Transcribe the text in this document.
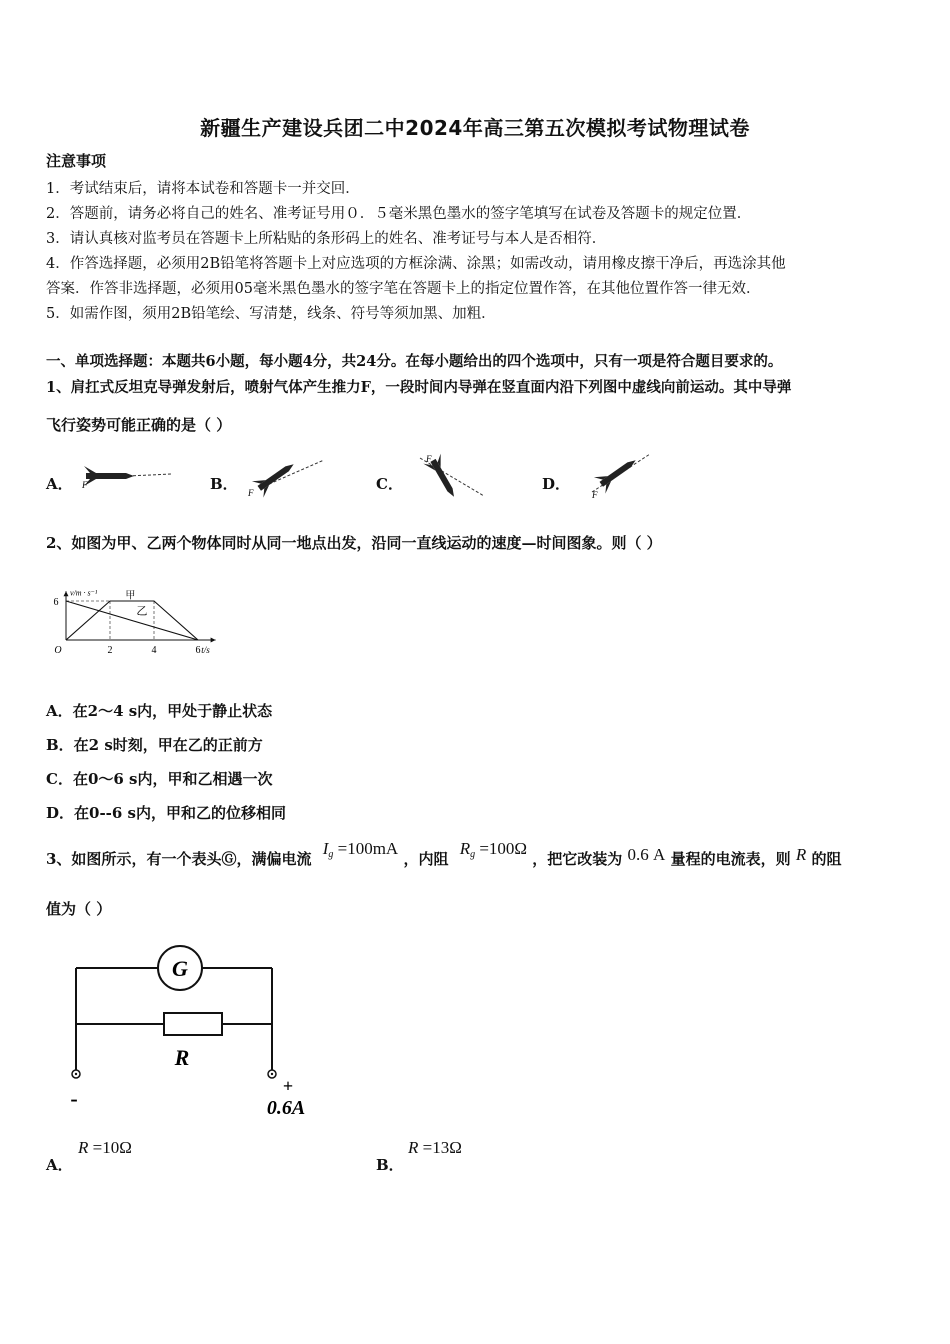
新疆生产建设兵团二中2024年高三第五次模拟考试物理试卷
注意事项
1．考试结束后，请将本试卷和答题卡一并交回．
2．答题前，请务必将自己的姓名、准考证号用０．５毫米黑色墨水的签字笔填写在试卷及答题卡的规定位置．
3．请认真核对监考员在答题卡上所粘贴的条形码上的姓名、准考证号与本人是否相符．
4．作答选择题，必须用2B铅笔将答题卡上对应选项的方框涂满、涂黑；如需改动，请用橡皮擦干净后，再选涂其他
答案．作答非选择题，必须用05毫米黑色墨水的签字笔在答题卡上的指定位置作答，在其他位置作答一律无效．
5．如需作图，须用2B铅笔绘、写清楚，线条、符号等须加黑、加粗．
一、单项选择题：本题共6小题，每小题4分，共24分。在每小题给出的四个选项中，只有一项是符合题目要求的。
1、肩扛式反坦克导弹发射后，喷射气体产生推力F，一段时间内导弹在竖直面内沿下列图中虚线向前运动。其中导弹
飞行姿势可能正确的是（ ）
A． F	B． F	C．
F
D．
F
2、如图为甲、乙两个物体同时从同一地点出发，沿同一直线运动的速度—时间图象。则（ ）
甲
乙
2	4	6
6
O
v/m · s⁻¹
t/s
A．在2～4 s内，甲处于静止状态
B．在2 s时刻，甲在乙的正前方
C．在0～6 s内，甲和乙相遇一次
D．在0--6 s内，甲和乙的位移相同
3、如图所示，有一个表头Ⓖ，满偏电流 $I_g =100mA$ ，内阻 $R_g =100\Omega$ ，把它改装为 0.6 A 量程的电流表，则 R 的阻
值为（ ）
G
R
-	+
0.6A
A．
R =10Ω
B．
R =13Ω
